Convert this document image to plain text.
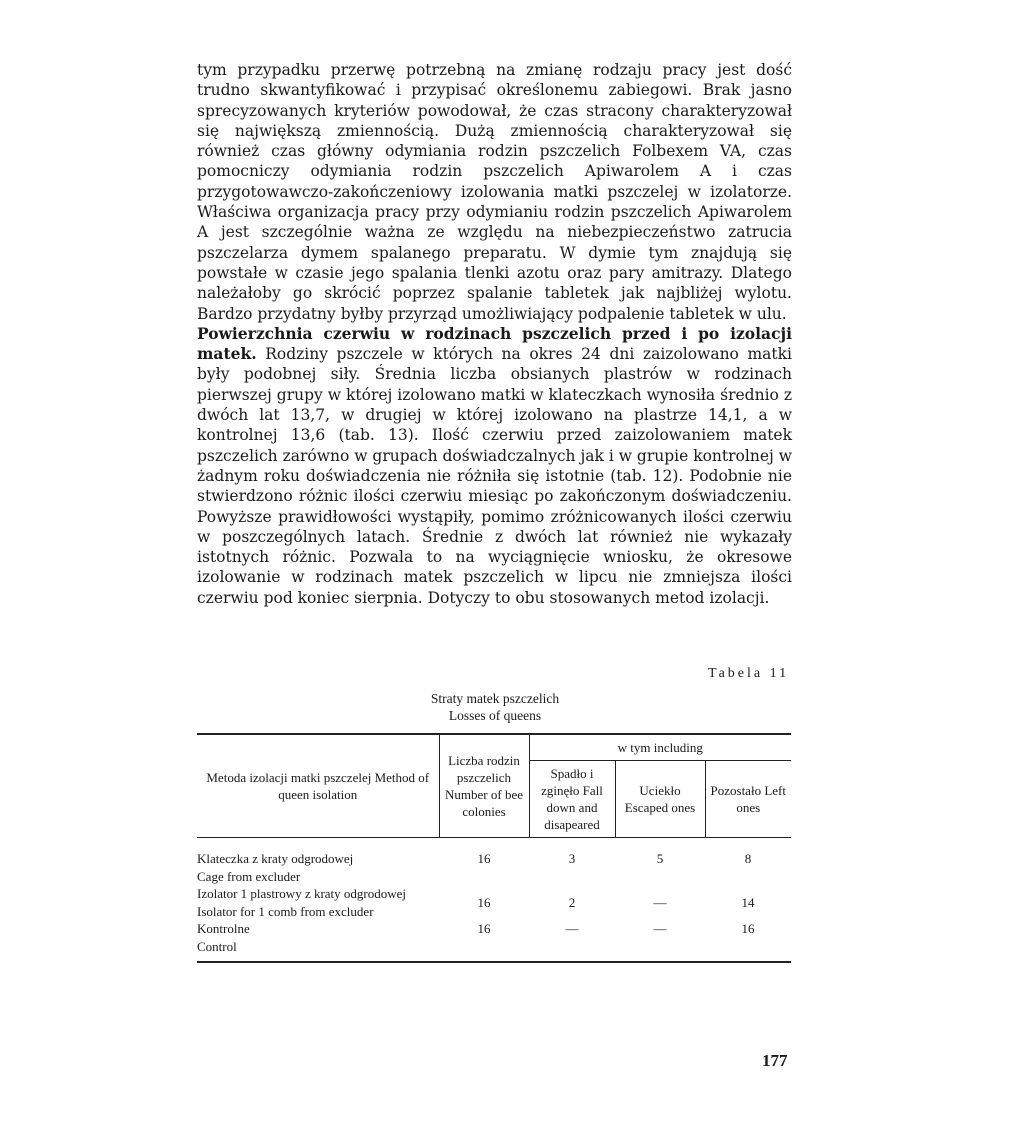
tym przypadku przerwę potrzebną na zmianę rodzaju pracy jest dość trudno skwantyfikować i przypisać określonemu zabiegowi. Brak jasno sprecyzowanych kryteriów powodował, że czas stracony charakteryzował się największą zmiennością. Dużą zmiennością charakteryzował się również czas główny odymiania rodzin pszczelich Folbexem VA, czas pomocniczy odymiania rodzin pszczelich Apiwarolem A i czas przygotowawczo-zakończeniowy izolowania matki pszczelej w izolatorze. Właściwa organizacja pracy przy odymianiu rodzin pszczelich Apiwarolem A jest szczególnie ważna ze względu na niebezpieczeństwo zatrucia pszczelarza dymem spalanego preparatu. W dymie tym znajdują się powstałe w czasie jego spalania tlenki azotu oraz pary amitrazy. Dlatego należałoby go skrócić poprzez spalanie tabletek jak najbliżej wylotu. Bardzo przydatny byłby przyrząd umożliwiający podpalenie tabletek w ulu.

Powierzchnia czerwiu w rodzinach pszczelich przed i po izolacji matek. Rodziny pszczele w których na okres 24 dni zaizolowano matki były podobnej siły. Średnia liczba obsianych plastrów w rodzinach pierwszej grupy w której izolowano matki w klateczkach wynosiła średnio z dwóch lat 13,7, w drugiej w której izolowano na plastrze 14,1, a w kontrolnej 13,6 (tab. 13). Ilość czerwiu przed zaizolowaniem matek pszczelich zarówno w grupach doświadczalnych jak i w grupie kontrolnej w żadnym roku doświadczenia nie różniła się istotnie (tab. 12). Podobnie nie stwierdzono różnic ilości czerwiu miesiąc po zakończonym doświadczeniu. Powyższe prawidłowości wystąpiły, pomimo zróżnicowanych ilości czerwiu w poszczególnych latach. Średnie z dwóch lat również nie wykazały istotnych różnic. Pozwala to na wyciągnięcie wniosku, że okresowe izolowanie w rodzinach matek pszczelich w lipcu nie zmniejsza ilości czerwiu pod koniec sierpnia. Dotyczy to obu stosowanych metod izolacji.

Tabela 11
Straty matek pszczelich
Losses of queens
Metoda izolacji matki pszczelej Method of queen isolation	Liczba rodzin pszczelich Number of bee colonies	w tym including		
		Spadło i zginęło Fall down and disapeared	Uciekło Escaped ones	Pozostało Left ones

Klateczka z kraty odgrodowej
Cage from excluder	16	3	5	8

Izolator 1 plastrowy z kraty odgrodowej
Isolator for 1 comb from excluder	16	2	—	14

Kontrolne
Control	16	—	—	16
177
